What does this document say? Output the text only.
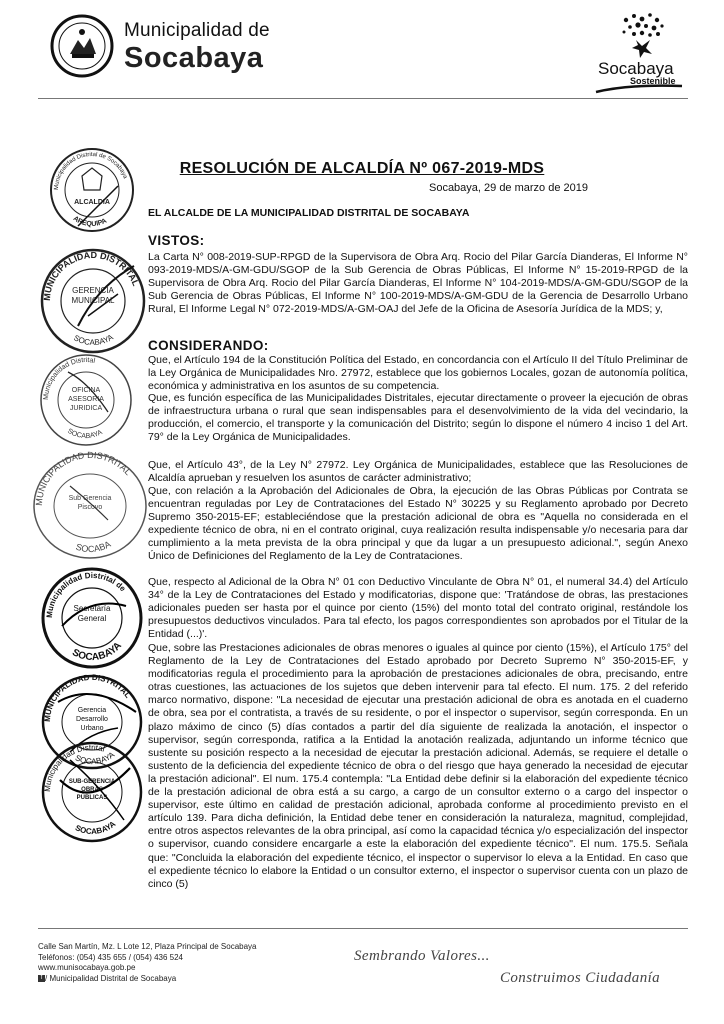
Municipalidad de
Socabaya	Socabaya
Sostenible
Municipalidad Distrital de Socabaya
AREQUIPA
ALCALDIA
MUNICIPALIDAD DISTRITAL
SOCABAYA
GERENCIA MUNICIPAL
Municipalidad Distrital
SOCABAYA
OFICINA ASESORIA JURIDICA
MUNICIPALIDAD DISTRITAL
SOCABA
Sub Gerencia Piscovo
Municipalidad Distrital de
SOCABAYA
Secretaría General
MUNICIPALIDAD DISTRITAL
SOCABAYA
Gerencia Desarrollo Urbano
Municipalidad Distrital
SOCABAYA
SUB-GERENCIA OBRAS PÚBLICAS
RESOLUCIÓN DE ALCALDÍA Nº 067-2019-MDS
Socabaya, 29 de marzo de 2019
EL ALCALDE DE LA MUNICIPALIDAD DISTRITAL DE SOCABAYA
VISTOS:

La Carta N° 008-2019-SUP-RPGD de la Supervisora de Obra Arq. Rocio del Pilar García Dianderas, El Informe N° 093-2019-MDS/A-GM-GDU/SGOP de la Sub Gerencia de Obras Públicas, El Informe N° 15-2019-RPGD de la Supervisora de Obra Arq. Rocio del Pilar García Dianderas, El Informe N° 104-2019-MDS/A-GM-GDU/SGOP de la Sub Gerencia de Obras Públicas, El Informe N° 100-2019-MDS/A-GM-GDU de la Gerencia de Desarrollo Urbano Rural, El Informe Legal N° 072-2019-MDS/A-GM-OAJ del Jefe de la Oficina de Asesoría Jurídica de la MDS; y,

CONSIDERANDO:

Que, el Artículo 194 de la Constitución Política del Estado, en concordancia con el Artículo II del Título Preliminar de la Ley Orgánica de Municipalidades Nro. 27972, establece que los gobiernos Locales, gozan de autonomía política, económica y administrativa en los asuntos de su competencia.

Que, es función específica de las Municipalidades Distritales, ejecutar directamente o proveer la ejecución de obras de infraestructura urbana o rural que sean indispensables para el desenvolvimiento de la vida del vecindario, la producción, el comercio, el transporte y la comunicación del Distrito; según lo dispone el número 4 inciso 1 del Art. 79° de la Ley Orgánica de Municipalidades.

Que, el Artículo 43°, de la Ley N° 27972. Ley Orgánica de Municipalidades, establece que las Resoluciones de Alcaldía aprueban y resuelven los asuntos de carácter administrativo;

Que, con relación a la Aprobación del Adicionales de Obra, la ejecución de las Obras Públicas por Contrata se encuentran reguladas por Ley de Contrataciones del Estado N° 30225 y su Reglamento aprobado por Decreto Supremo 350-2015-EF; estableciéndose que la prestación adicional de obra es "Aquella no considerada en el expediente técnico de obra, ni en el contrato original, cuya realización resulta indispensable y/o necesaria para dar cumplimiento a la meta prevista de la obra principal y que da lugar a un presupuesto adicional.", según Anexo Único de Definiciones del Reglamento de la Ley de Contrataciones.

Que, respecto al Adicional de la Obra N° 01 con Deductivo Vinculante de Obra N° 01, el numeral 34.4) del Artículo 34° de la Ley de Contrataciones del Estado y modificatorias, dispone que: 'Tratándose de obras, las prestaciones adicionales pueden ser hasta por el quince por ciento (15%) del monto total del contrato original, restándole los presupuestos deductivos vinculados. Para tal efecto, los pagos correspondientes son aprobados por el Titular de la Entidad (...)'.

Que, sobre las Prestaciones adicionales de obras menores o iguales al quince por ciento (15%), el Artículo 175° del Reglamento de la Ley de Contrataciones del Estado aprobado por Decreto Supremo N° 350-2015-EF, y modificatorias regula el procedimiento para la aprobación de prestaciones adicionales de obra, precisando, entre otras cuestiones, las actuaciones de los sujetos que deben intervenir para tal efecto. El num. 175. 2 del referido marco normativo, dispone: "La necesidad de ejecutar una prestación adicional de obra es anotada en el cuaderno de obra, sea por el contratista, a través de su residente, o por el inspector o supervisor, según corresponda. En un plazo máximo de cinco (5) días contados a partir del día siguiente de realizada la anotación, el inspector o supervisor, según corresponda, ratifica a la Entidad la anotación realizada, adjuntando un informe técnico que sustente su posición respecto a la necesidad de ejecutar la prestación adicional. Además, se requiere el detalle o sustento de la deficiencia del expediente técnico de obra o del riesgo que haya generado la necesidad de ejecutar la prestación adicional". El num. 175.4 contempla: "La Entidad debe definir si la elaboración del expediente técnico de la prestación adicional de obra está a su cargo, a cargo de un consultor externo o a cargo del inspector o supervisor, este último en calidad de prestación adicional, aprobada conforme al procedimiento previsto en el artículo 139. Para dicha definición, la Entidad debe tener en consideración la naturaleza, magnitud, complejidad, entre otros aspectos relevantes de la obra principal, así como la capacidad técnica y/o especialización del inspector o supervisor, cuando considere encargarle a este la elaboración del expediente técnico". El num. 175.5. Señala que: "Concluida la elaboración del expediente técnico, el inspector o supervisor lo eleva a la Entidad. En caso que el expediente técnico lo elabore la Entidad o un consultor externo, el inspector o supervisor cuenta con un plazo de cinco (5)

Calle San Martín, Mz. L Lote 12, Plaza Principal de Socabaya
Teléfonos: (054) 435 655 / (054) 436 524
www.munisocabaya.gob.pe
f / Municipalidad Distrital de Socabaya
Sembrando Valores...
Construimos Ciudadanía
